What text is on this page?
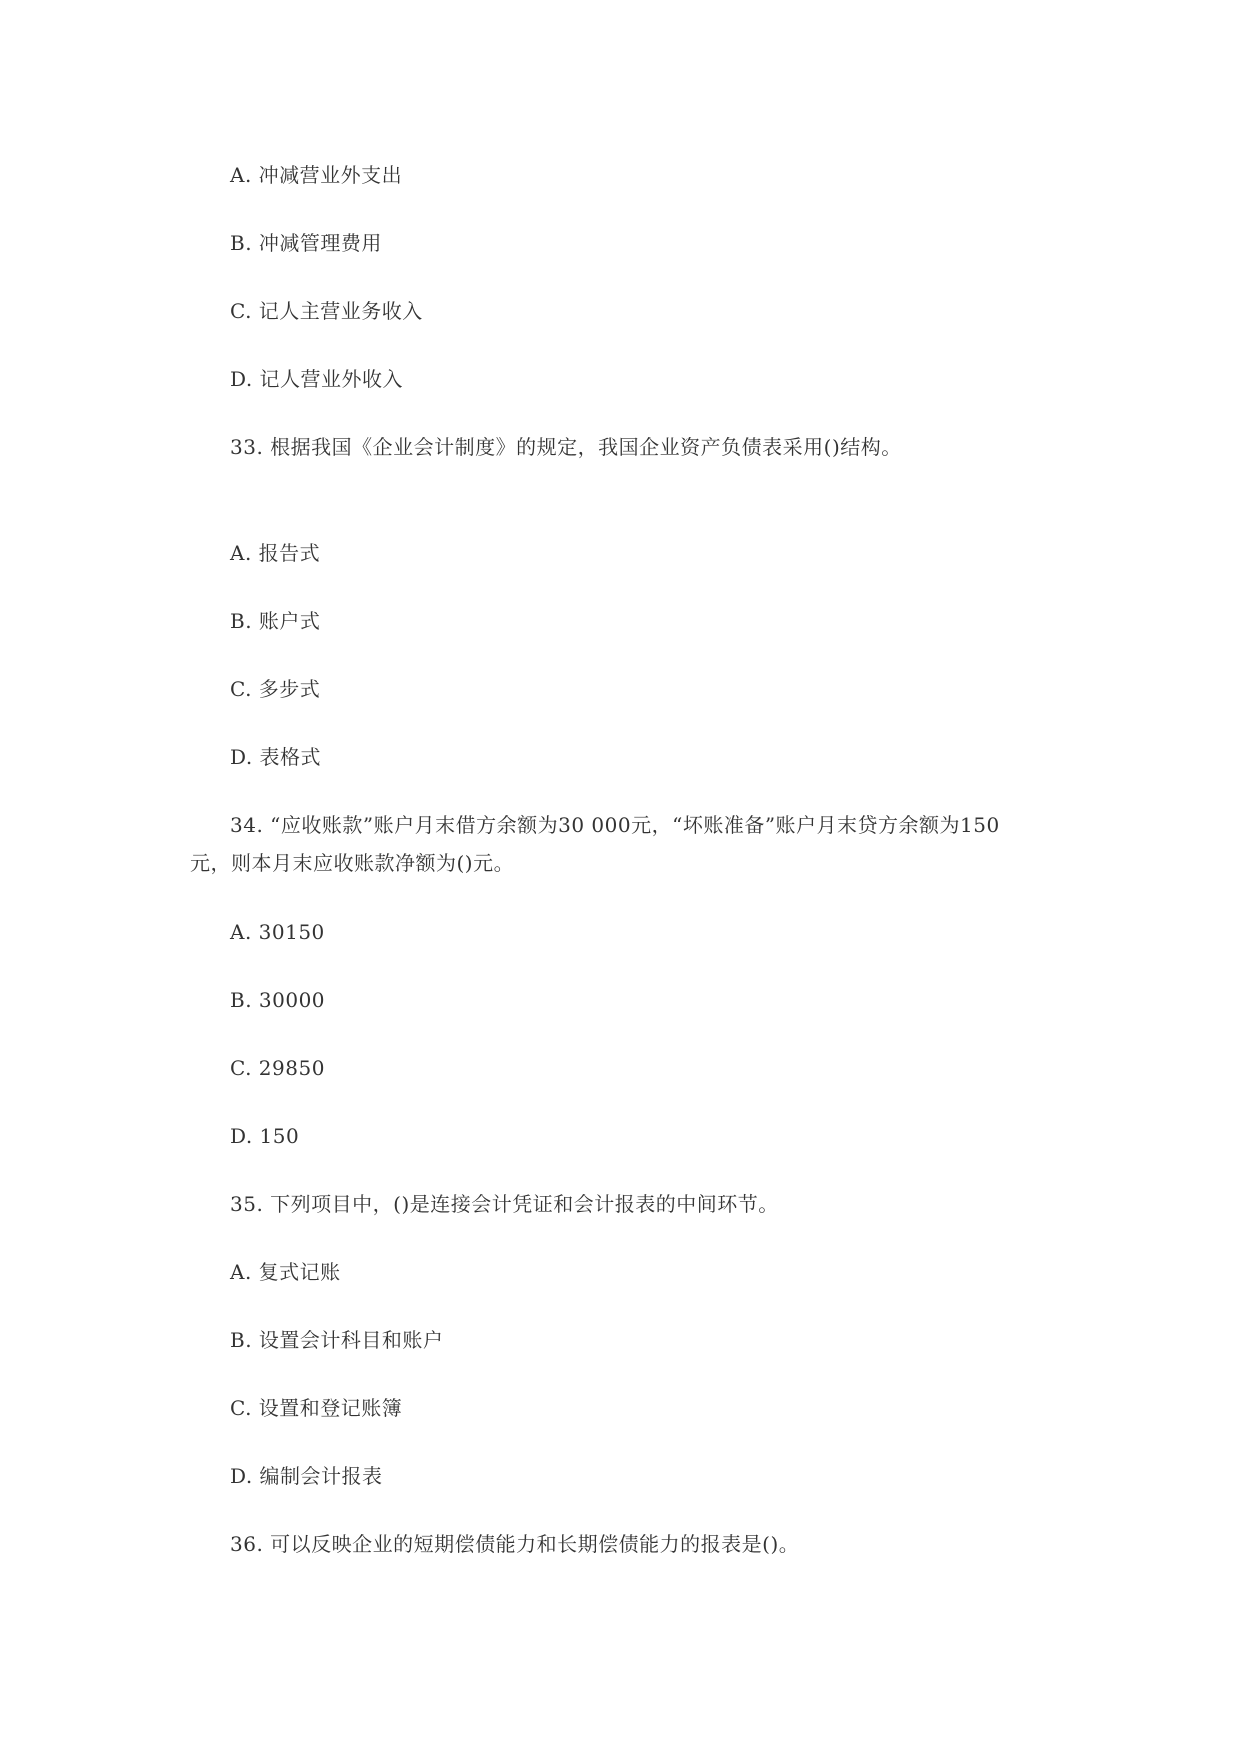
A. 冲减营业外支出
B. 冲减管理费用
C. 记人主营业务收入
D. 记人营业外收入
33. 根据我国《企业会计制度》的规定，我国企业资产负债表采用()结构。
A. 报告式
B. 账户式
C. 多步式
D. 表格式
34. “应收账款”账户月末借方余额为30 000元，“坏账准备”账户月末贷方余额为150
元，则本月末应收账款净额为()元。
A. 30150
B. 30000
C. 29850
D. 150
35. 下列项目中，()是连接会计凭证和会计报表的中间环节。
A. 复式记账
B. 设置会计科目和账户
C. 设置和登记账簿
D. 编制会计报表
36. 可以反映企业的短期偿债能力和长期偿债能力的报表是()。
